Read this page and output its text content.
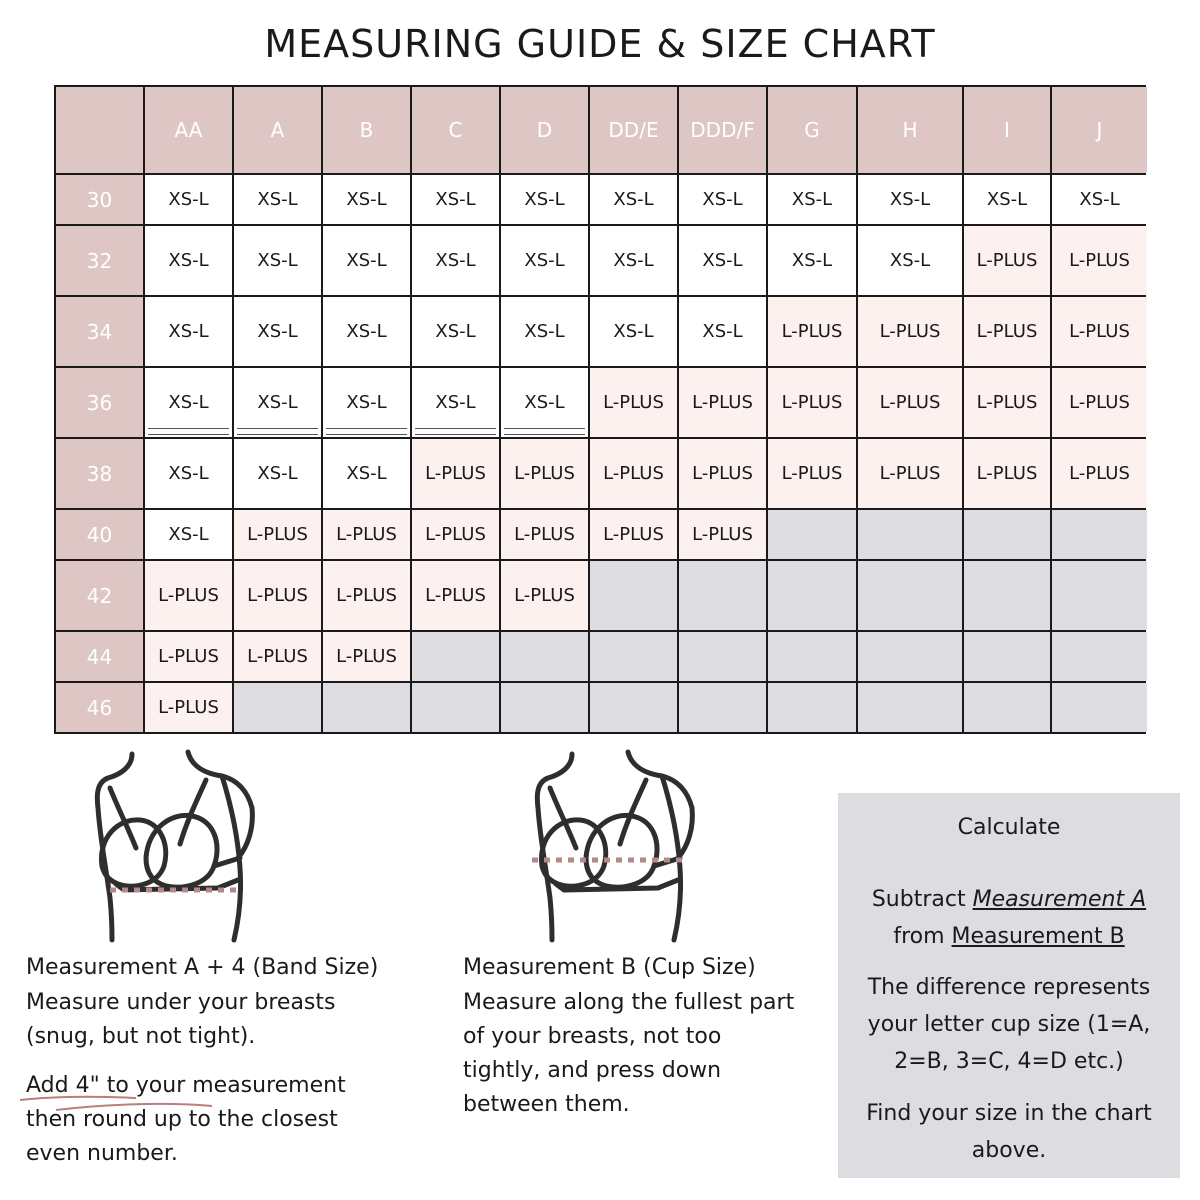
MEASURING GUIDE & SIZE CHART
AA	A	B	C	D	DD/E	DDD/F	G	H	I	J
30	XS-L	XS-L	XS-L	XS-L	XS-L	XS-L	XS-L	XS-L	XS-L	XS-L	XS-L
32	XS-L	XS-L	XS-L	XS-L	XS-L	XS-L	XS-L	XS-L	XS-L	L-PLUS	L-PLUS
34	XS-L	XS-L	XS-L	XS-L	XS-L	XS-L	XS-L	L-PLUS	L-PLUS	L-PLUS	L-PLUS
36	XS-L	XS-L	XS-L	XS-L	XS-L	L-PLUS	L-PLUS	L-PLUS	L-PLUS	L-PLUS	L-PLUS
38	XS-L	XS-L	XS-L	L-PLUS	L-PLUS	L-PLUS	L-PLUS	L-PLUS	L-PLUS	L-PLUS	L-PLUS
40	XS-L	L-PLUS	L-PLUS	L-PLUS	L-PLUS	L-PLUS	L-PLUS
42	L-PLUS	L-PLUS	L-PLUS	L-PLUS	L-PLUS
44	L-PLUS	L-PLUS	L-PLUS
46	L-PLUS
Measurement A + 4 (Band Size)
Measure under your breasts
(snug, but not tight).
Add 4" to your measurement
then round up to the closest
even number.
Measurement B (Cup Size)
Measure along the fullest part
of your breasts, not too
tightly, and press down
between them.
Calculate
Subtract Measurement A
from Measurement B
The difference represents
your letter cup size (1=A,
2=B, 3=C, 4=D etc.)
Find your size in the chart
above.
